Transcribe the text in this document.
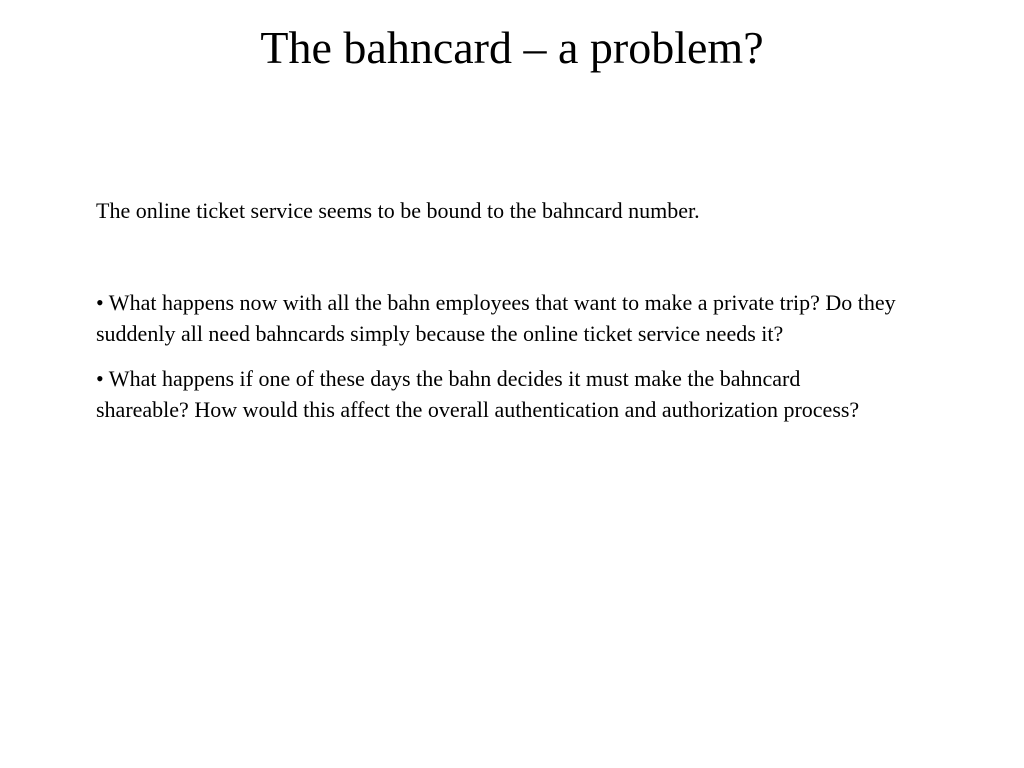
The bahncard – a problem?

The online ticket service seems to be bound to the bahncard number.

• What happens now with all the bahn employees that want to make a private trip? Do they suddenly all need bahncards simply because the online ticket service needs it?

• What happens if one of these days the bahn decides it must make the bahncard shareable? How would this affect the overall authentication and authorization process?
